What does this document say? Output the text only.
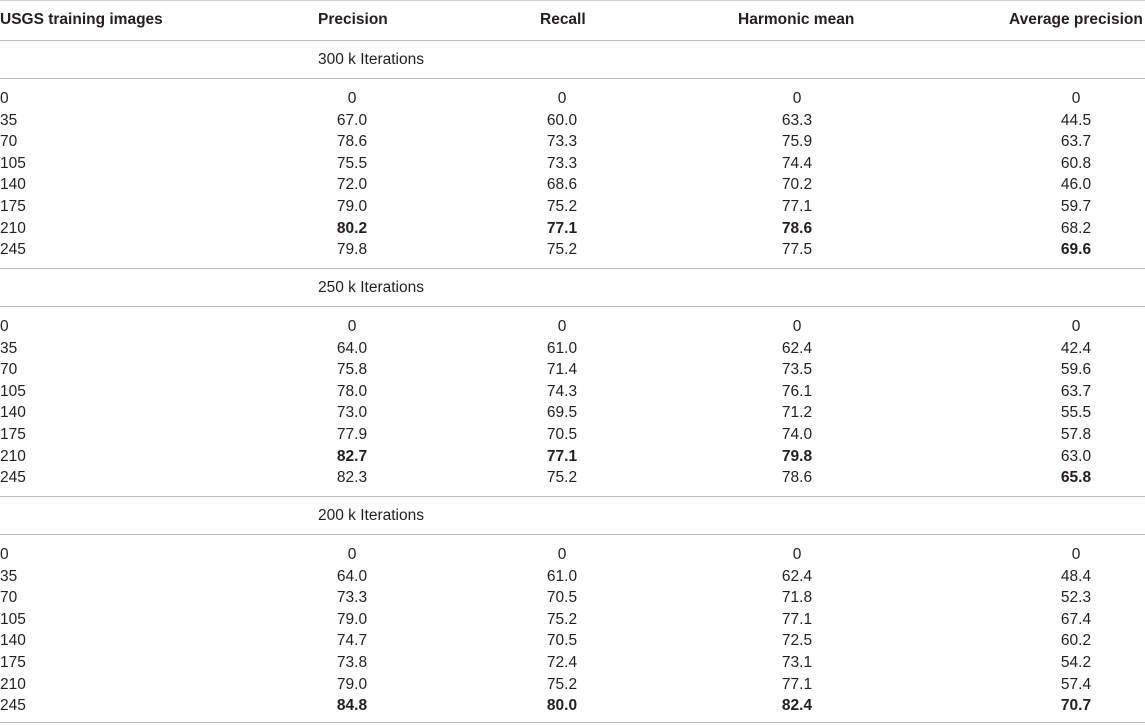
USGS training images	Precision	Recall	Harmonic mean	Average precision
300 k Iterations
0	0	0	0	0
35	67.0	60.0	63.3	44.5
70	78.6	73.3	75.9	63.7
105	75.5	73.3	74.4	60.8
140	72.0	68.6	70.2	46.0
175	79.0	75.2	77.1	59.7
210	80.2	77.1	78.6	68.2
245	79.8	75.2	77.5	69.6
250 k Iterations
0	0	0	0	0
35	64.0	61.0	62.4	42.4
70	75.8	71.4	73.5	59.6
105	78.0	74.3	76.1	63.7
140	73.0	69.5	71.2	55.5
175	77.9	70.5	74.0	57.8
210	82.7	77.1	79.8	63.0
245	82.3	75.2	78.6	65.8
200 k Iterations
0	0	0	0	0
35	64.0	61.0	62.4	48.4
70	73.3	70.5	71.8	52.3
105	79.0	75.2	77.1	67.4
140	74.7	70.5	72.5	60.2
175	73.8	72.4	73.1	54.2
210	79.0	75.2	77.1	57.4
245	84.8	80.0	82.4	70.7
